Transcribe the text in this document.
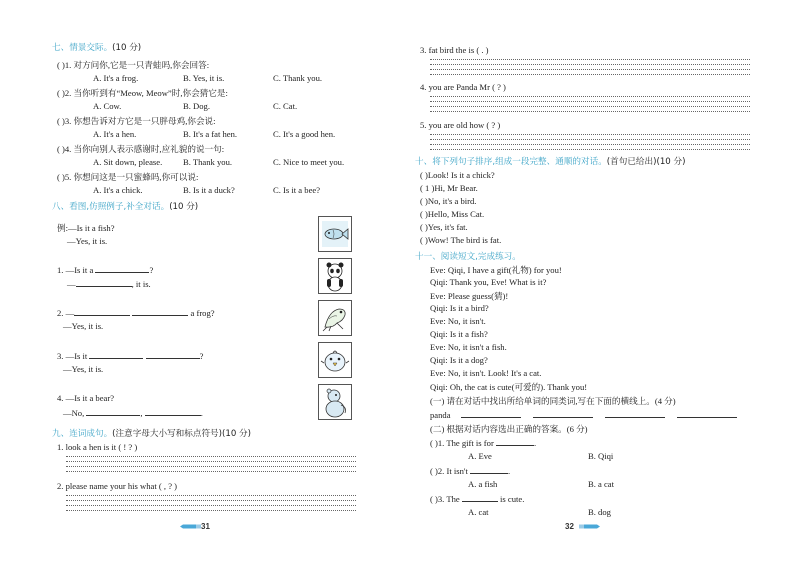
七、情景交际。(10 分)
( )1. 对方问你,它是一只青蛙吗,你会回答:
A. It's a frog.	B. Yes, it is.	C. Thank you.
( )2. 当你听到有“Meow, Meow”时,你会猜它是:
A. Cow.	B. Dog.	C. Cat.
( )3. 你想告诉对方它是一只胖母鸡,你会说:
A. It's a hen.	B. It's a fat hen.	C. It's a good hen.
( )4. 当你向别人表示感谢时,应礼貌的说一句:
A. Sit down, please. B. Thank you.	C. Nice to meet you.
( )5. 你想问这是一只蜜蜂吗,你可以说:
A. It's a chick.	B. Is it a duck?	C. Is it a bee?
八、看图,仿照例子,补全对话。(10 分)
例:—Is it a fish?
—Yes, it is.
1. —Is it a	?
—	, it is.
2. —	a frog?
—Yes, it is.
3. —Is it	?
—Yes, it is.
4. —Is it a bear?
—No,	,	.
九、连词成句。(注意字母大小写和标点符号)(10 分)
1. look a hen is it ( ! ? )
2. please name your his what ( , ? )
31
3. fat bird the is ( . )
4. you are Panda Mr ( ? )
5. you are old how ( ? )
十、将下列句子排序,组成一段完整、通顺的对话。(首句已给出)(10 分)
( )Look! Is it a chick?
( 1 )Hi, Mr Bear.
( )No, it's a bird.
( )Hello, Miss Cat.
( )Yes, it's fat.
( )Wow! The bird is fat.
十一、阅读短文,完成练习。
Eve: Qiqi, I have a gift(礼物) for you!
Qiqi: Thank you, Eve! What is it?
Eve: Please guess(猜)!
Qiqi: Is it a bird?
Eve: No, it isn't.
Qiqi: Is it a fish?
Eve: No, it isn't a fish.
Qiqi: Is it a dog?
Eve: No, it isn't. Look! It's a cat.
Qiqi: Oh, the cat is cute(可爱的). Thank you!
(一) 请在对话中找出所给单词的同类词,写在下面的横线上。(4 分)
panda
(二) 根据对话内容选出正确的答案。(6 分)
( )1. The gift is for	.
A. Eve	B. Qiqi
( )2. It isn't	.
A. a fish	B. a cat
( )3. The	is cute.
A. cat	B. dog
32
